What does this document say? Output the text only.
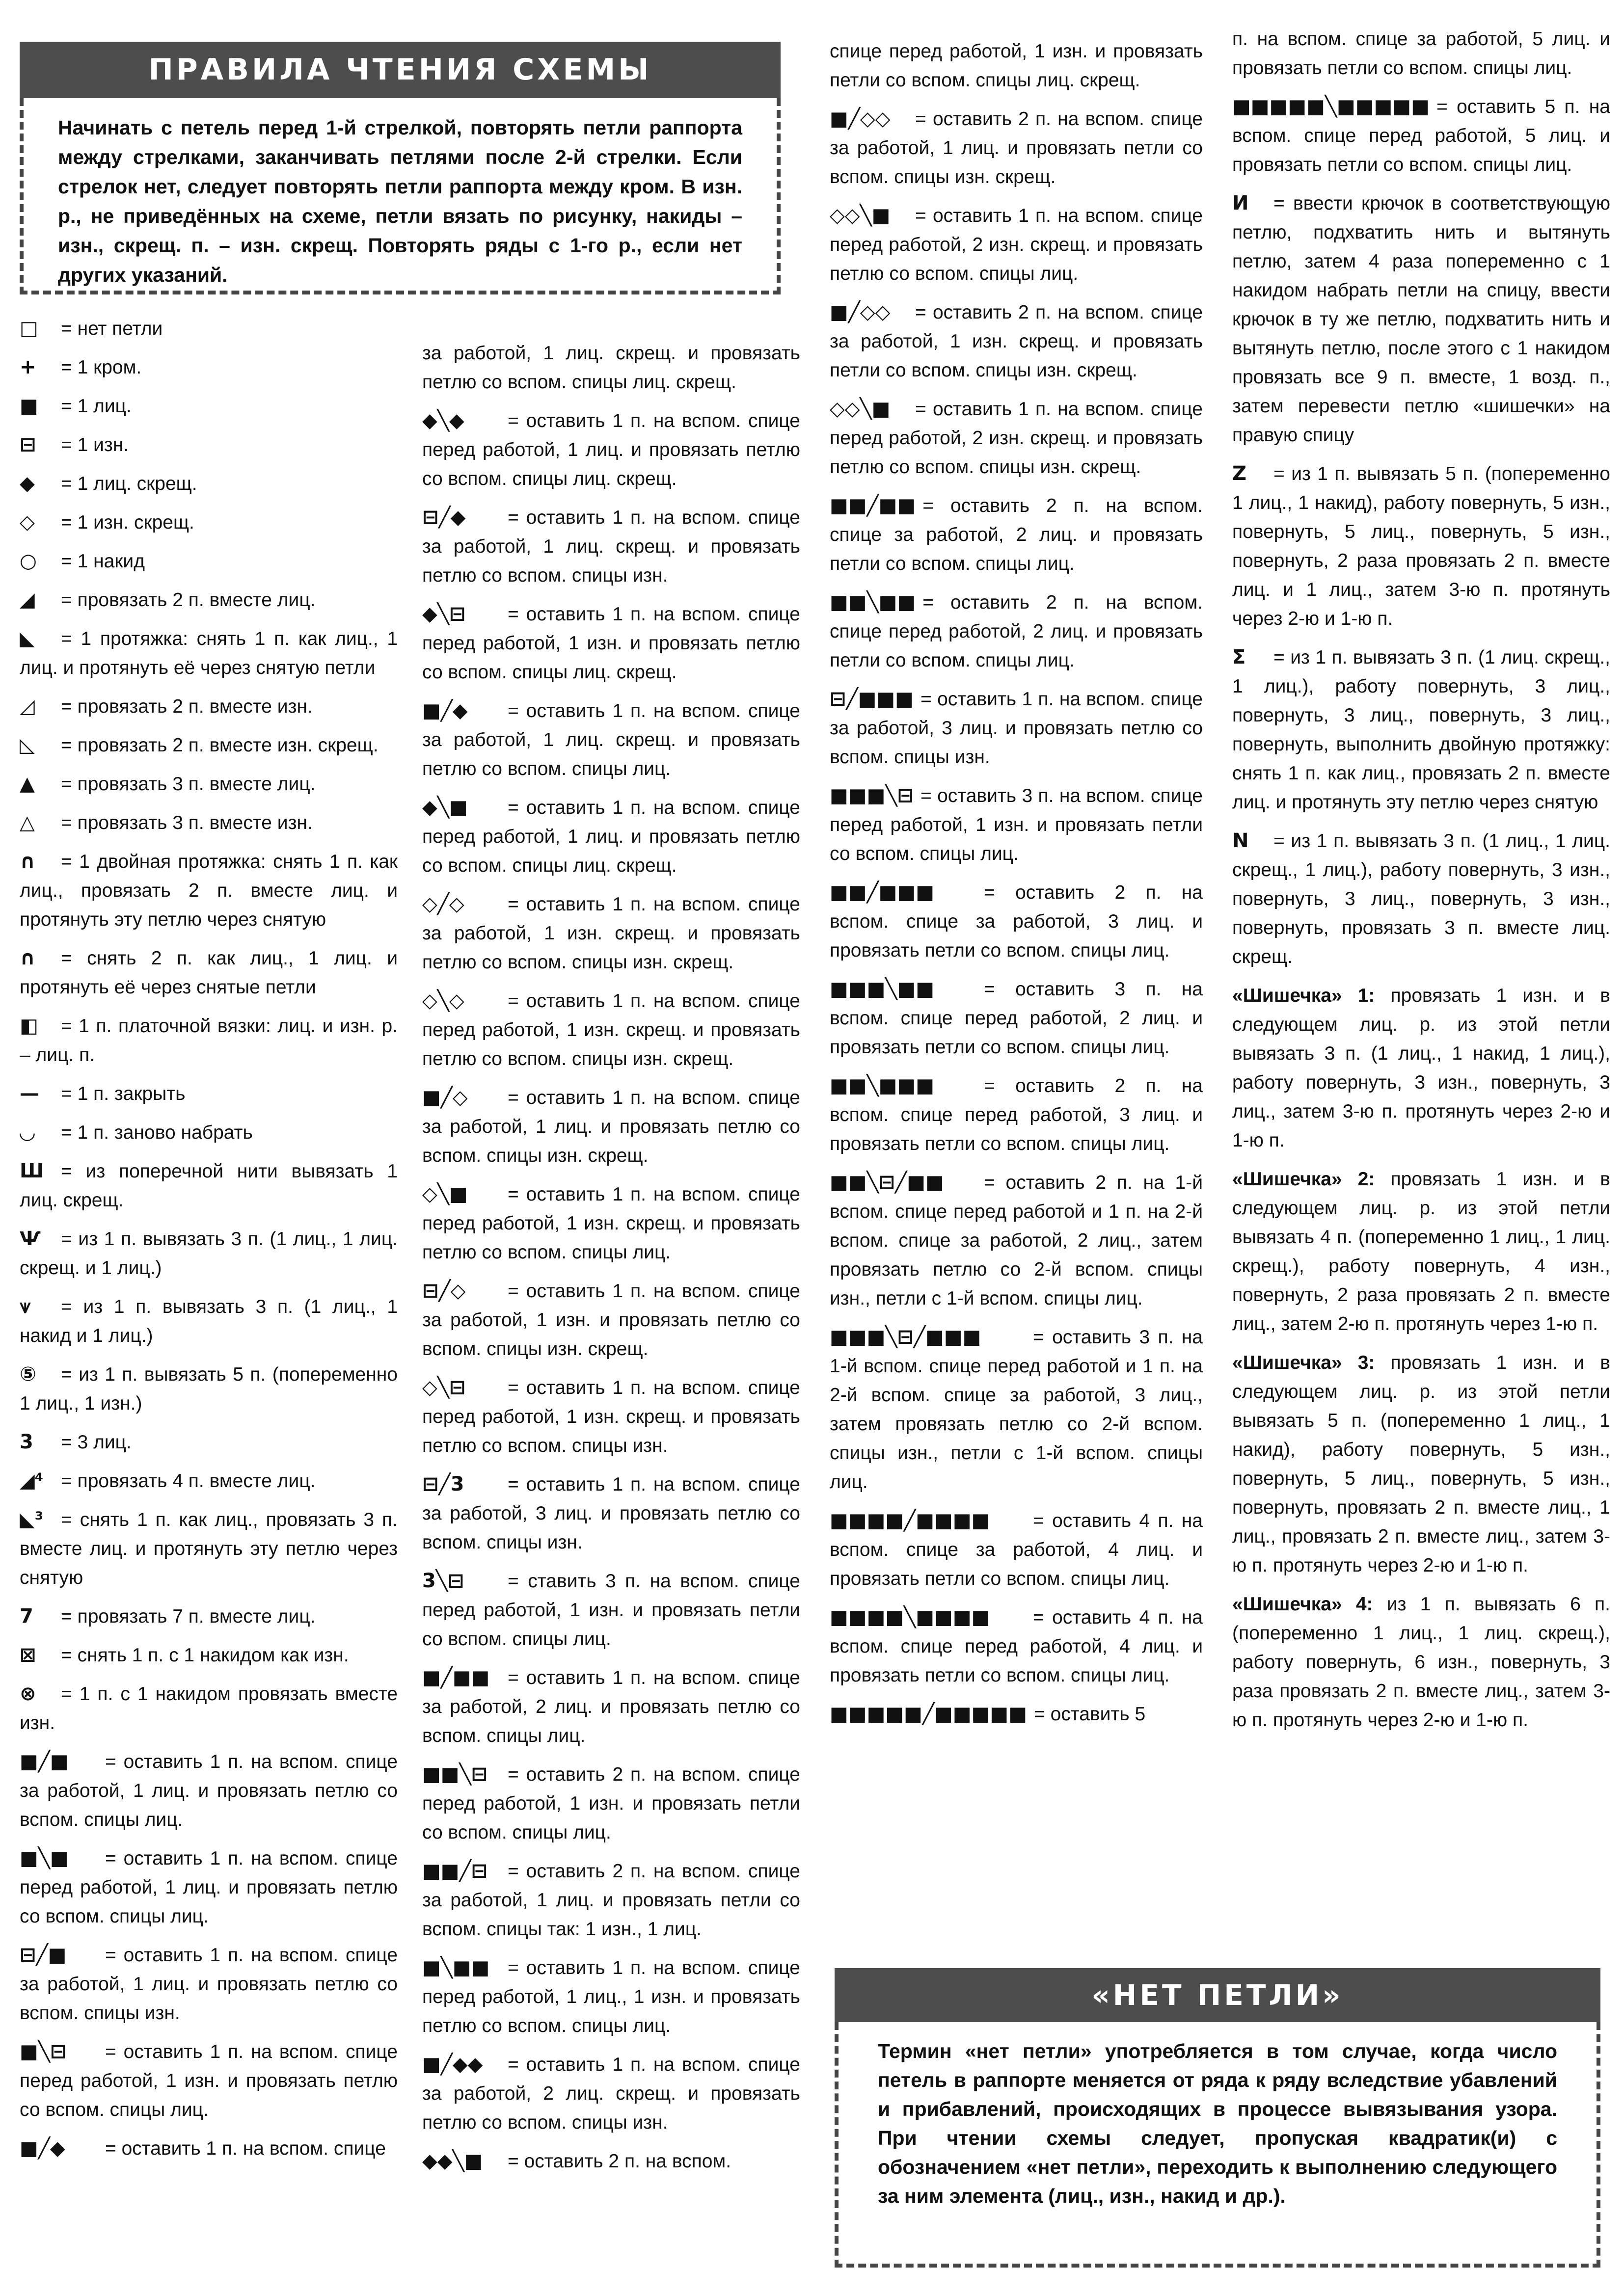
ПРАВИЛА ЧТЕНИЯ СХЕМЫ
Начинать с петель перед 1-й стрелкой, повторять петли раппорта между стрелками, заканчивать петлями после 2-й стрелки. Если стрелок нет, следует повторять петли раппорта между кром. В изн. р., не приведённых на схеме, петли вязать по рисунку, накиды – изн., скрещ. п. – изн. скрещ. Повторять ряды с 1-го р., если нет других указаний.
□ = нет петли
+ = 1 кром.
■ = 1 лиц.
⊟ = 1 изн.
◆ = 1 лиц. скрещ.
◇ = 1 изн. скрещ.
○ = 1 накид
◢ = провязать 2 п. вместе лиц.
◣ = 1 протяжка: снять 1 п. как лиц., 1 лиц. и протянуть её через снятую петли
◿ = провязать 2 п. вместе изн.
◺ = провязать 2 п. вместе изн. скрещ.
▲ = провязать 3 п. вместе лиц.
△ = провязать 3 п. вместе изн.
∩ = 1 двойная протяжка: снять 1 п. как лиц., провязать 2 п. вместе лиц. и протянуть эту петлю через снятую
∩ = снять 2 п. как лиц., 1 лиц. и протянуть её через снятые петли
◧ = 1 п. платочной вязки: лиц. и изн. р. – лиц. п.
— = 1 п. закрыть
◡ = 1 п. заново набрать
Ш = из поперечной нити вывязать 1 лиц. скрещ.
Ѱ = из 1 п. вывязать 3 п. (1 лиц., 1 лиц. скрещ. и 1 лиц.)
⩛ = из 1 п. вывязать 3 п. (1 лиц., 1 накид и 1 лиц.)
⑤ = из 1 п. вывязать 5 п. (попеременно 1 лиц., 1 изн.)
3 = 3 лиц.
◢⁴ = провязать 4 п. вместе лиц.
◣³ = снять 1 п. как лиц., провязать 3 п. вместе лиц. и протянуть эту петлю через снятую
7 = провязать 7 п. вместе лиц.
⊠ = снять 1 п. с 1 накидом как изн.
⊗ = 1 п. с 1 накидом провязать вместе изн.
■╱■ = оставить 1 п. на вспом. спице за работой, 1 лиц. и провязать петлю со вспом. спицы лиц.
■╲■ = оставить 1 п. на вспом. спице перед работой, 1 лиц. и провязать петлю со вспом. спицы лиц.
⊟╱■ = оставить 1 п. на вспом. спице за работой, 1 лиц. и провязать петлю со вспом. спицы изн.
■╲⊟ = оставить 1 п. на вспом. спице перед работой, 1 изн. и провязать петлю со вспом. спицы лиц.
■╱◆ = оставить 1 п. на вспом. спице
за работой, 1 лиц. скрещ. и провязать петлю со вспом. спицы лиц. скрещ.
◆╲◆ = оставить 1 п. на вспом. спице перед работой, 1 лиц. и провязать петлю со вспом. спицы лиц. скрещ.
⊟╱◆ = оставить 1 п. на вспом. спице за работой, 1 лиц. скрещ. и провязать петлю со вспом. спицы изн.
◆╲⊟ = оставить 1 п. на вспом. спице перед работой, 1 изн. и провязать петлю со вспом. спицы лиц. скрещ.
■╱◆ = оставить 1 п. на вспом. спице за работой, 1 лиц. скрещ. и провязать петлю со вспом. спицы лиц.
◆╲■ = оставить 1 п. на вспом. спице перед работой, 1 лиц. и провязать петлю со вспом. спицы лиц. скрещ.
◇╱◇ = оставить 1 п. на вспом. спице за работой, 1 изн. скрещ. и провязать петлю со вспом. спицы изн. скрещ.
◇╲◇ = оставить 1 п. на вспом. спице перед работой, 1 изн. скрещ. и провязать петлю со вспом. спицы изн. скрещ.
■╱◇ = оставить 1 п. на вспом. спице за работой, 1 лиц. и провязать петлю со вспом. спицы изн. скрещ.
◇╲■ = оставить 1 п. на вспом. спице перед работой, 1 изн. скрещ. и провязать петлю со вспом. спицы лиц.
⊟╱◇ = оставить 1 п. на вспом. спице за работой, 1 изн. и провязать петлю со вспом. спицы изн. скрещ.
◇╲⊟ = оставить 1 п. на вспом. спице перед работой, 1 изн. скрещ. и провязать петлю со вспом. спицы изн.
⊟╱3 = оставить 1 п. на вспом. спице за работой, 3 лиц. и провязать петлю со вспом. спицы изн.
3╲⊟ = ставить 3 п. на вспом. спице перед работой, 1 изн. и провязать петли со вспом. спицы лиц.
■╱■■ = оставить 1 п. на вспом. спице за работой, 2 лиц. и провязать петлю со вспом. спицы лиц.
■■╲⊟ = оставить 2 п. на вспом. спице перед работой, 1 изн. и провязать петли со вспом. спицы лиц.
■■╱⊟ = оставить 2 п. на вспом. спице за работой, 1 лиц. и провязать петли со вспом. спицы так: 1 изн., 1 лиц.
■╲■■ = оставить 1 п. на вспом. спице перед работой, 1 лиц., 1 изн. и провязать петлю со вспом. спицы лиц.
■╱◆◆ = оставить 1 п. на вспом. спице за работой, 2 лиц. скрещ. и провязать петлю со вспом. спицы изн.
◆◆╲■ = оставить 2 п. на вспом.
спице перед работой, 1 изн. и провязать петли со вспом. спицы лиц. скрещ.
■╱◇◇ = оставить 2 п. на вспом. спице за работой, 1 лиц. и провязать петли со вспом. спицы изн. скрещ.
◇◇╲■ = оставить 1 п. на вспом. спице перед работой, 2 изн. скрещ. и провязать петлю со вспом. спицы лиц.
■╱◇◇ = оставить 2 п. на вспом. спице за работой, 1 изн. скрещ. и провязать петли со вспом. спицы изн. скрещ.
◇◇╲■ = оставить 1 п. на вспом. спице перед работой, 2 изн. скрещ. и провязать петлю со вспом. спицы изн. скрещ.
■■╱■■ = оставить 2 п. на вспом. спице за работой, 2 лиц. и провязать петли со вспом. спицы лиц.
■■╲■■ = оставить 2 п. на вспом. спице перед работой, 2 лиц. и провязать петли со вспом. спицы лиц.
⊟╱■■■ = оставить 1 п. на вспом. спице за работой, 3 лиц. и провязать петлю со вспом. спицы изн.
■■■╲⊟ = оставить 3 п. на вспом. спице перед работой, 1 изн. и провязать петли со вспом. спицы лиц.
■■╱■■■	= оставить 2 п. на вспом. спице за работой, 3 лиц. и провязать петли со вспом. спицы лиц.
■■■╲■■	= оставить 3 п. на вспом. спице перед работой, 2 лиц. и провязать петли со вспом. спицы лиц.
■■╲■■■	= оставить 2 п. на вспом. спице перед работой, 3 лиц. и провязать петли со вспом. спицы лиц.
■■╲⊟╱■■ = оставить 2 п. на 1-й вспом. спице перед работой и 1 п. на 2-й вспом. спице за работой, 2 лиц., затем провязать петлю со 2-й вспом. спицы изн., петли с 1-й вспом. спицы лиц.
■■■╲⊟╱■■■	= оставить 3 п. на 1-й вспом. спице перед работой и 1 п. на 2-й вспом. спице за работой, 3 лиц., затем провязать петлю со 2-й вспом. спицы изн., петли с 1-й вспом. спицы лиц.
■■■■╱■■■■ = оставить 4 п. на вспом. спице за работой, 4 лиц. и провязать петли со вспом. спицы лиц.
■■■■╲■■■■ = оставить 4 п. на вспом. спице перед работой, 4 лиц. и провязать петли со вспом. спицы лиц.
■■■■■╱■■■■■ = оставить 5
п. на вспом. спице за работой, 5 лиц. и провязать петли со вспом. спицы лиц.
■■■■■╲■■■■■ = оставить 5 п. на вспом. спице перед работой, 5 лиц. и провязать петли со вспом. спицы лиц.
И = ввести крючок в соответствующую петлю, подхватить нить и вытянуть петлю, затем 4 раза попеременно с 1 накидом набрать петли на спицу, ввести крючок в ту же петлю, подхватить нить и вытянуть петлю, после этого с 1 накидом провязать все 9 п. вместе, 1 возд. п., затем перевести петлю «шишечки» на правую спицу
Z = из 1 п. вывязать 5 п. (попеременно 1 лиц., 1 накид), работу повернуть, 5 изн., повернуть, 5 лиц., повернуть, 5 изн., повернуть, 2 раза провязать 2 п. вместе лиц. и 1 лиц., затем 3-ю п. протянуть через 2-ю и 1-ю п.
Σ = из 1 п. вывязать 3 п. (1 лиц. скрещ., 1 лиц.), работу повернуть, 3 лиц., повернуть, 3 лиц., повернуть, 3 лиц., повернуть, выполнить двойную протяжку: снять 1 п. как лиц., провязать 2 п. вместе лиц. и протянуть эту петлю через снятую
N = из 1 п. вывязать 3 п. (1 лиц., 1 лиц. скрещ., 1 лиц.), работу повернуть, 3 изн., повернуть, 3 лиц., повернуть, 3 изн., повернуть, провязать 3 п. вместе лиц. скрещ.
«Шишечка» 1: провязать 1 изн. и в следующем лиц. р. из этой петли вывязать 3 п. (1 лиц., 1 накид, 1 лиц.), работу повернуть, 3 изн., повернуть, 3 лиц., затем 3-ю п. протянуть через 2-ю и 1-ю п.
«Шишечка» 2: провязать 1 изн. и в следующем лиц. р. из этой петли вывязать 4 п. (попеременно 1 лиц., 1 лиц. скрещ.), работу повернуть, 4 изн., повернуть, 2 раза провязать 2 п. вместе лиц., затем 2-ю п. протянуть через 1-ю п.
«Шишечка» 3: провязать 1 изн. и в следующем лиц. р. из этой петли вывязать 5 п. (попеременно 1 лиц., 1 накид), работу повернуть, 5 изн., повернуть, 5 лиц., повернуть, 5 изн., повернуть, провязать 2 п. вместе лиц., 1 лиц., провязать 2 п. вместе лиц., затем 3-ю п. протянуть через 2-ю и 1-ю п.
«Шишечка» 4: из 1 п. вывязать 6 п. (попеременно 1 лиц., 1 лиц. скрещ.), работу повернуть, 6 изн., повернуть, 3 раза провязать 2 п. вместе лиц., затем 3-ю п. протянуть через 2-ю и 1-ю п.
«НЕТ ПЕТЛИ»
Термин «нет петли» употребляется в том случае, когда число петель в раппорте меняется от ряда к ряду вследствие убавлений и прибавлений, происходящих в процессе вывязывания узора. При чтении схемы следует, пропуская квадратик(и) с обозначением «нет петли», переходить к выполнению следующего за ним элемента (лиц., изн., накид и др.).
